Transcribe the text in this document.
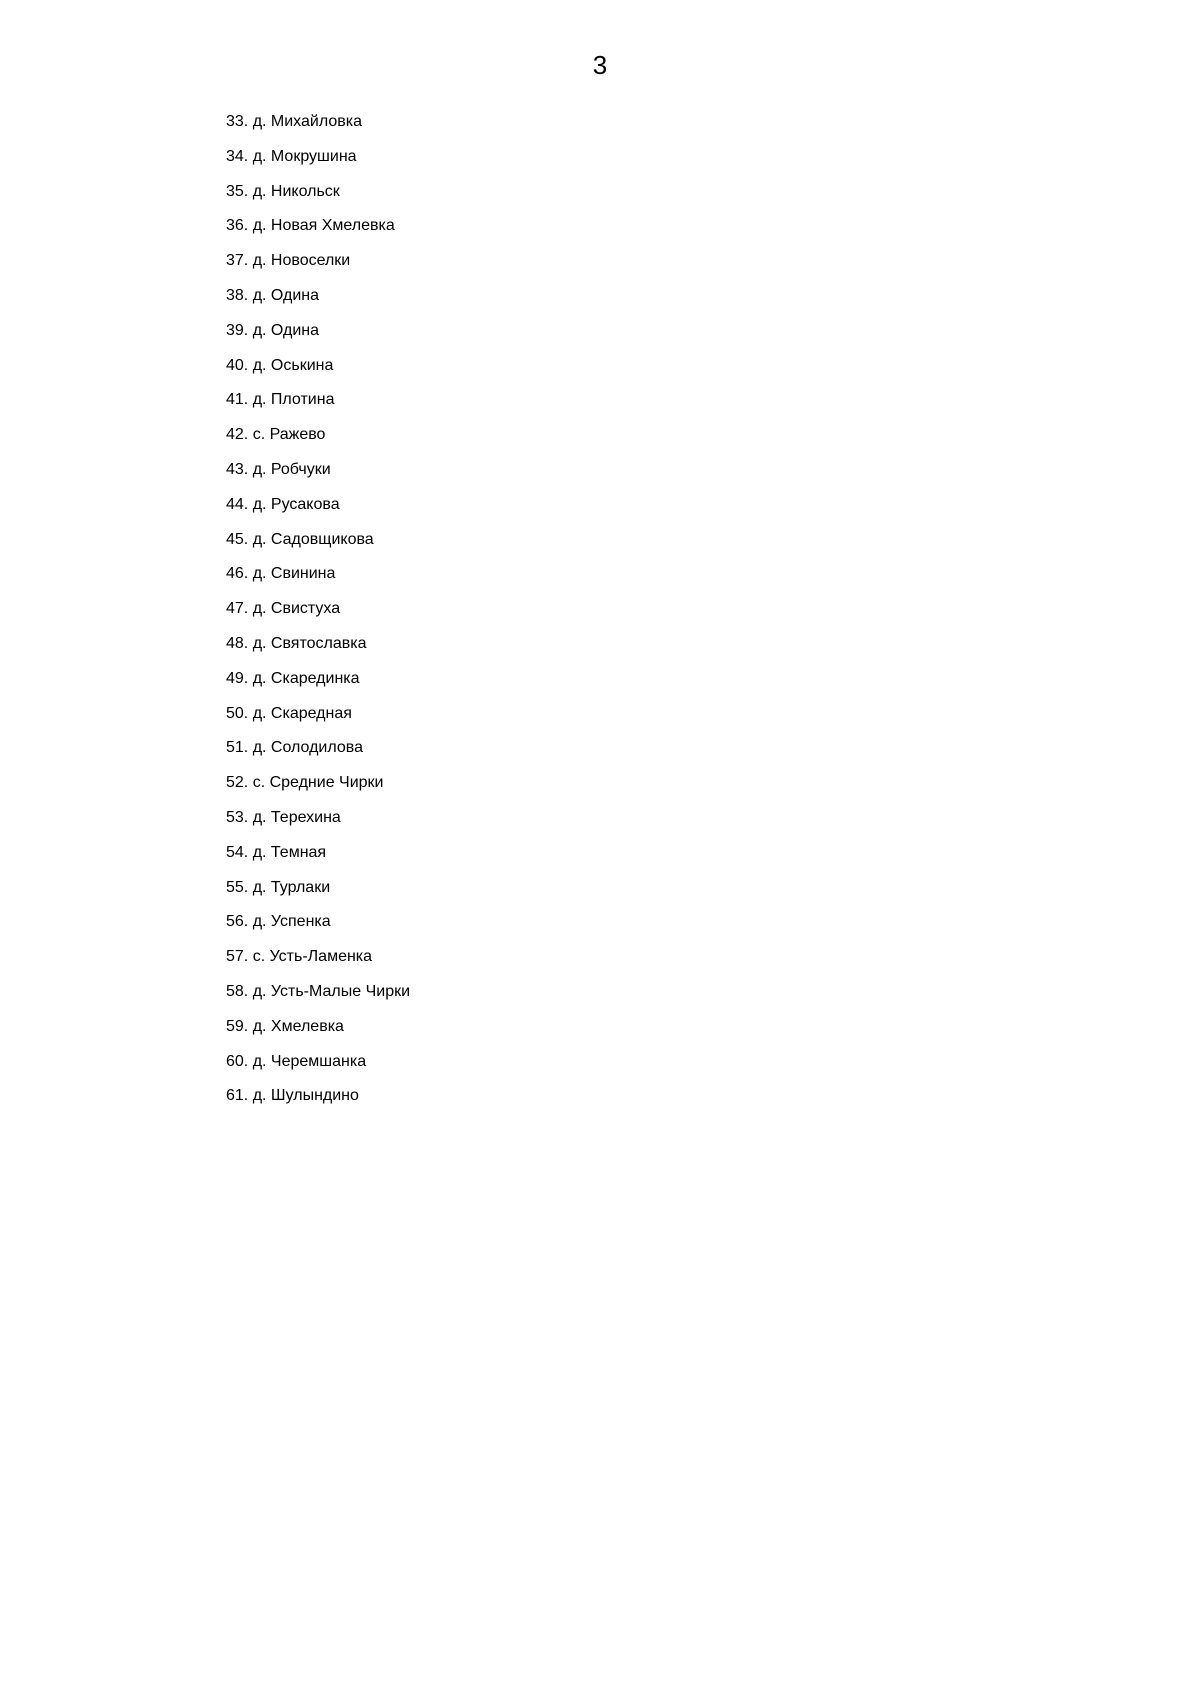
3
33. д. Михайловка
34. д. Мокрушина
35. д. Никольск
36. д. Новая Хмелевка
37. д. Новоселки
38. д. Одина
39. д. Одина
40. д. Оськина
41. д. Плотина
42. с. Ражево
43. д. Робчуки
44. д. Русакова
45. д. Садовщикова
46. д. Свинина
47. д. Свистуха
48. д. Святославка
49. д. Скарединка
50. д. Скаредная
51. д. Солодилова
52. с. Средние Чирки
53. д. Терехина
54. д. Темная
55. д. Турлаки
56. д. Успенка
57. с. Усть-Ламенка
58. д. Усть-Малые Чирки
59. д. Хмелевка
60. д. Черемшанка
61. д. Шулындино
